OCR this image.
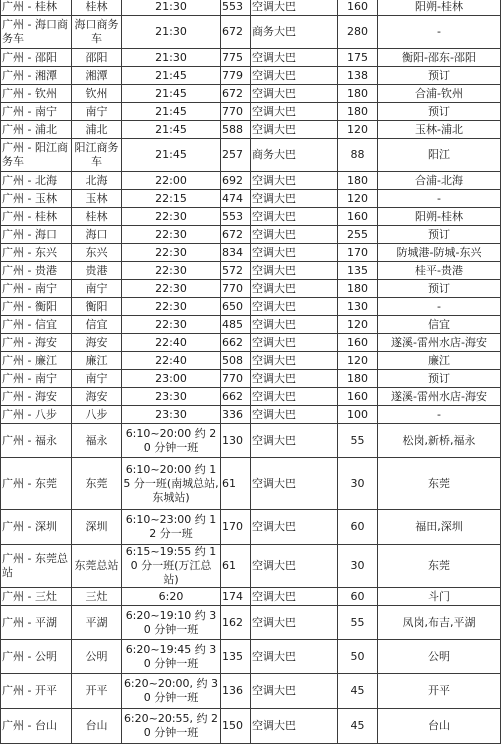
广州 - 桂林	桂林	21:30	553	空调大巴	160	阳朔-桂林
广州 - 海口商务车	海口商务车	21:30	672	商务大巴	280	-
广州 - 邵阳	邵阳	21:30	775	空调大巴	175	衡阳-邵东-邵阳
广州 - 湘潭	湘潭	21:45	779	空调大巴	138	预订
广州 - 钦州	钦州	21:45	672	空调大巴	180	合浦-钦州
广州 - 南宁	南宁	21:45	770	空调大巴	180	预订
广州 - 浦北	浦北	21:45	588	空调大巴	120	玉林-浦北
广州 - 阳江商务车	阳江商务车	21:45	257	商务大巴	88	阳江
广州 - 北海	北海	22:00	692	空调大巴	180	合浦-北海
广州 - 玉林	玉林	22:15	474	空调大巴	120	-
广州 - 桂林	桂林	22:30	553	空调大巴	160	阳朔-桂林
广州 - 海口	海口	22:30	672	空调大巴	255	预订
广州 - 东兴	东兴	22:30	834	空调大巴	170	防城港-防城-东兴
广州 - 贵港	贵港	22:30	572	空调大巴	135	桂平-贵港
广州 - 南宁	南宁	22:30	770	空调大巴	180	预订
广州 - 衡阳	衡阳	22:30	650	空调大巴	130	-
广州 - 信宜	信宜	22:30	485	空调大巴	120	信宜
广州 - 海安	海安	22:40	662	空调大巴	160	遂溪-雷州水店-海安
广州 - 廉江	廉江	22:40	508	空调大巴	120	廉江
广州 - 南宁	南宁	23:00	770	空调大巴	180	预订
广州 - 海安	海安	23:30	662	空调大巴	160	遂溪-雷州水店-海安
广州 - 八步	八步	23:30	336	空调大巴	100	-
广州 - 福永	福永	6:10~20:00 约 20 分钟一班	130	空调大巴	55	松岗,新桥,福永
广州 - 东莞	东莞	6:10~20:00 约 15 分一班(南城总站,东城站)	61	空调大巴	30	东莞
广州 - 深圳	深圳	6:10~23:00 约 12 分一班	170	空调大巴	60	福田,深圳
广州 - 东莞总站	东莞总站	6:15~19:55 约 10 分一班(万江总站)	61	空调大巴	30	东莞
广州 - 三灶	三灶	6:20	174	空调大巴	60	斗门
广州 - 平湖	平湖	6:20~19:10 约 30 分钟一班	162	空调大巴	55	凤岗,布吉,平湖
广州 - 公明	公明	6:20~19:45 约 30 分钟一班	135	空调大巴	50	公明
广州 - 开平	开平	6:20~20:00, 约 30 分钟一班	136	空调大巴	45	开平
广州 - 台山	台山	6:20~20:55, 约 20 分钟一班	150	空调大巴	45	台山
